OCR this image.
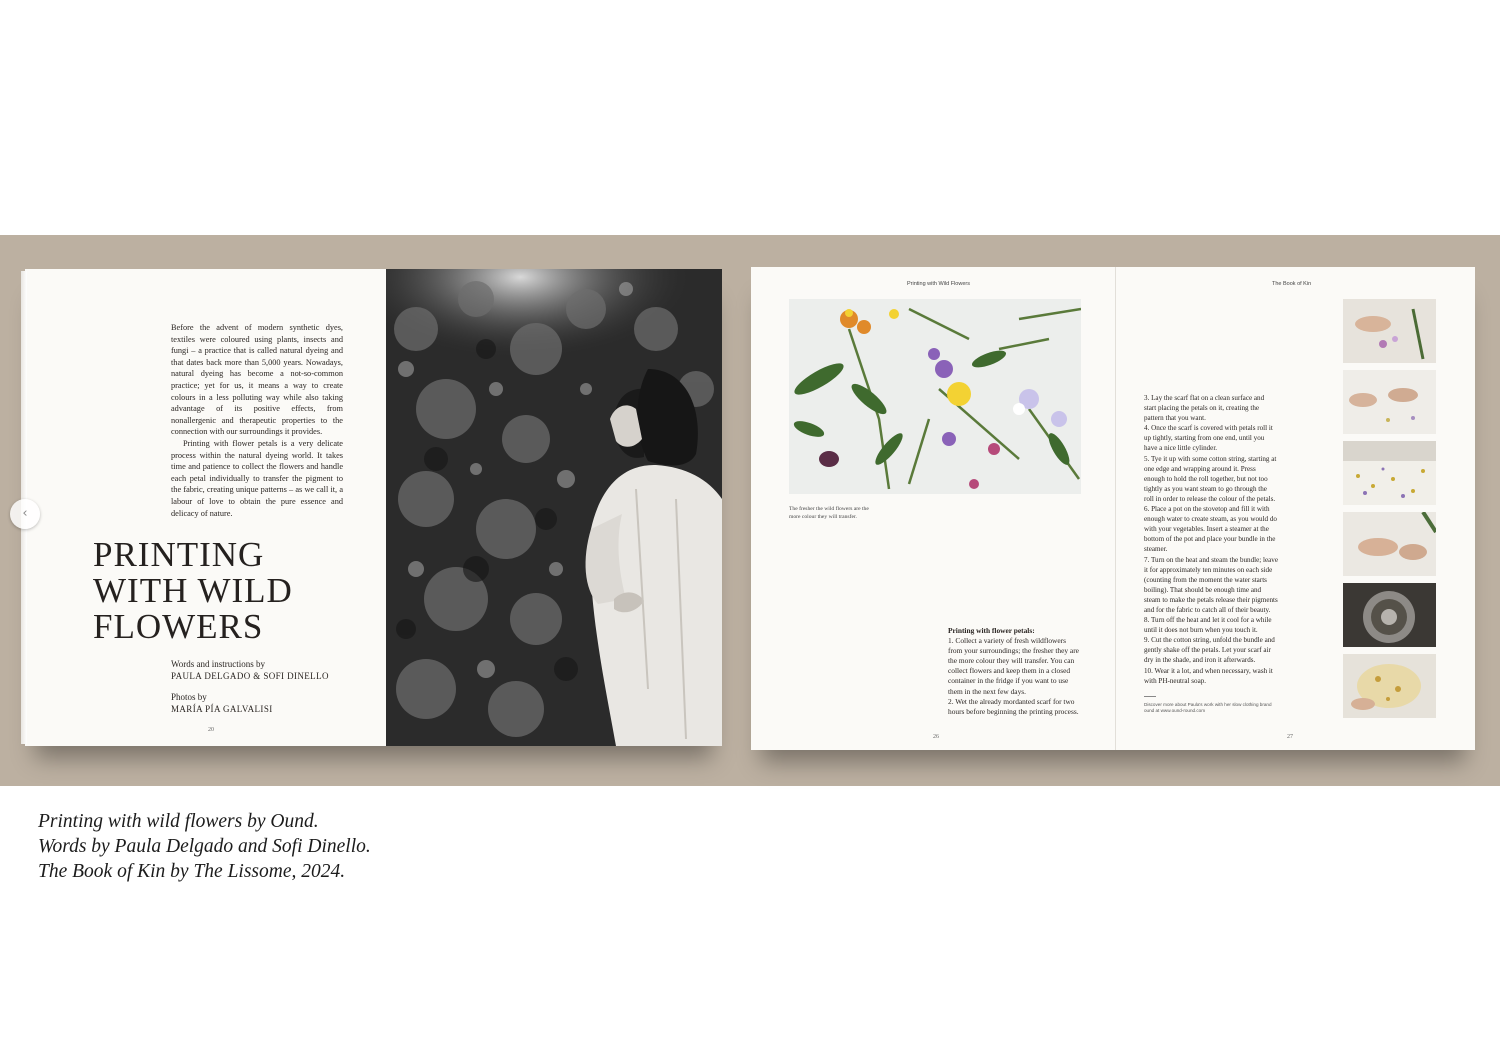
Before the advent of modern synthetic dyes, textiles were coloured using plants, insects and fungi – a practice that is called natural dyeing and that dates back more than 5,000 years. Nowadays, natural dyeing has become a not-so-common practice; yet for us, it means a way to create colours in a less polluting way while also taking advantage of its positive effects, from nonallergenic and therapeutic properties to the connection with our surroundings it provides.

Printing with flower petals is a very delicate process within the natural dyeing world. It takes time and patience to collect the flowers and handle each petal individually to transfer the pigment to the fabric, creating unique patterns – as we call it, a labour of love to obtain the pure essence and delicacy of nature.

PRINTING
WITH WILD
FLOWERS
Words and instructions by
PAULA DELGADO & SOFI DINELLO
Photos by
MARÍA PÍA GALVALISI
20
Printing with Wild Flowers	The Book of Kin
The fresher the wild flowers are the more colour they will transfer.

Printing with flower petals:

1. Collect a variety of fresh wildflowers from your surroundings; the fresher they are the more colour they will transfer. You can collect flowers and keep them in a closed container in the fridge if you want to use them in the next few days.

2. Wet the already mordanted scarf for two hours before beginning the printing process.

3. Lay the scarf flat on a clean surface and start placing the petals on it, creating the pattern that you want.

4. Once the scarf is covered with petals roll it up tightly, starting from one end, until you have a nice little cylinder.

5. Tye it up with some cotton string, starting at one edge and wrapping around it. Press enough to hold the roll together, but not too tightly as you want steam to go through the roll in order to release the colour of the petals.

6. Place a pot on the stovetop and fill it with enough water to create steam, as you would do with your vegetables. Insert a steamer at the bottom of the pot and place your bundle in the steamer.

7. Turn on the heat and steam the bundle; leave it for approximately ten minutes on each side (counting from the moment the water starts boiling). That should be enough time and steam to make the petals release their pigments and for the fabric to catch all of their beauty.

8. Turn off the heat and let it cool for a while until it does not burn when you touch it.

9. Cut the cotton string, unfold the bundle and gently shake off the petals. Let your scarf air dry in the shade, and iron it afterwards.

10. Wear it a lot, and when necessary, wash it with PH-neutral soap.

Discover more about Paula's work with her slow clothing brand ound at www.ound-round.com
26	27
‹
Printing with wild flowers by Ound.
Words by Paula Delgado and Sofi Dinello.
The Book of Kin by The Lissome, 2024.
